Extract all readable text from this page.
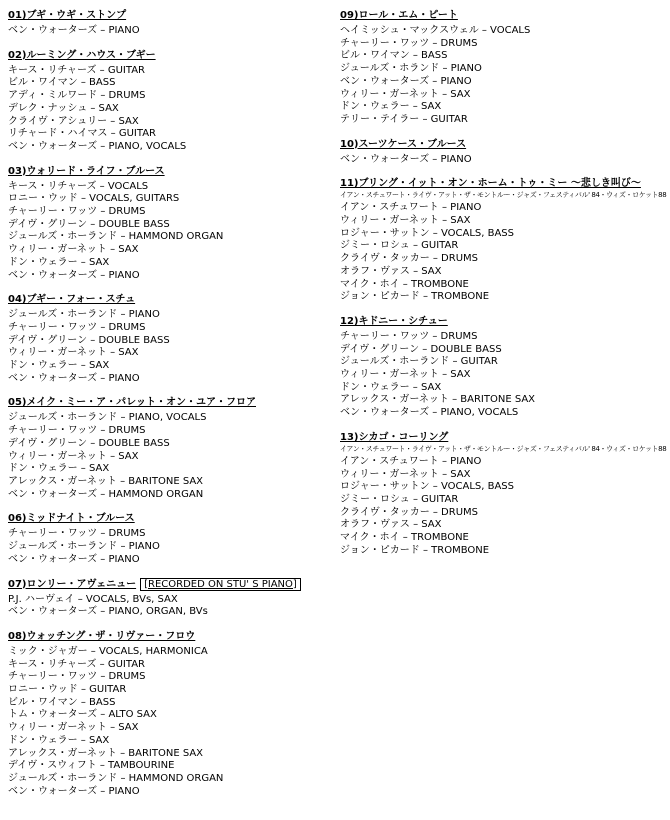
01)ブギ・ウギ・ストンプ
ベン・ウォーターズ – PIANO
02)ルーミング・ハウス・ブギー
キース・リチャーズ – GUITAR
ビル・ワイマン – BASS
アディ・ミルワード – DRUMS
デレク・ナッシュ – SAX
クライヴ・アシュリー – SAX
リチャード・ハイマス – GUITAR
ベン・ウォーターズ – PIANO, VOCALS
03)ウォリード・ライフ・ブルース
キース・リチャーズ – VOCALS
ロニー・ウッド – VOCALS, GUITARS
チャーリー・ワッツ – DRUMS
デイヴ・グリーン – DOUBLE BASS
ジュールズ・ホーランド – HAMMOND ORGAN
ウィリー・ガーネット – SAX
ドン・ウェラー – SAX
ベン・ウォーターズ – PIANO
04)ブギー・フォー・スチュ
ジュールズ・ホーランド – PIANO
チャーリー・ワッツ – DRUMS
デイヴ・グリーン – DOUBLE BASS
ウィリー・ガーネット – SAX
ドン・ウェラー – SAX
ベン・ウォーターズ – PIANO
05)メイク・ミー・ア・パレット・オン・ユア・フロア
ジュールズ・ホーランド – PIANO, VOCALS
チャーリー・ワッツ – DRUMS
デイヴ・グリーン – DOUBLE BASS
ウィリー・ガーネット – SAX
ドン・ウェラー – SAX
アレックス・ガーネット – BARITONE SAX
ベン・ウォーターズ – HAMMOND ORGAN
06)ミッドナイト・ブルース
チャーリー・ワッツ – DRUMS
ジュールズ・ホーランド – PIANO
ベン・ウォーターズ – PIANO
07)ロンリー・アヴェニュー [RECORDED ON STU' S PIANO]
P.J. ハーヴェイ – VOCALS, BVs, SAX
ベン・ウォーターズ – PIANO, ORGAN, BVs
08)ウォッチング・ザ・リヴァー・フロウ
ミック・ジャガー – VOCALS, HARMONICA
キース・リチャーズ – GUITAR
チャーリー・ワッツ – DRUMS
ロニー・ウッド – GUITAR
ビル・ワイマン – BASS
トム・ウォーターズ – ALTO SAX
ウィリー・ガーネット – SAX
ドン・ウェラー – SAX
アレックス・ガーネット – BARITONE SAX
デイヴ・スウィフト – TAMBOURINE
ジュールズ・ホーランド – HAMMOND ORGAN
ベン・ウォーターズ – PIANO
09)ロール・エム・ピート
ヘイミッシュ・マックスウェル – VOCALS
チャーリー・ワッツ – DRUMS
ビル・ワイマン – BASS
ジュールズ・ホランド – PIANO
ベン・ウォーターズ – PIANO
ウィリー・ガーネット – SAX
ドン・ウェラー – SAX
テリー・テイラー – GUITAR
10)スーツケース・ブルース
ベン・ウォーターズ – PIANO
11)ブリング・イット・オン・ホーム・トゥ・ミー ～悲しき叫び～
イアン・スチュワート・ライヴ・アット・ザ・モントルー・ジャズ・フェスティバル' 84・ウィズ・ロケット88
イアン・スチュワート – PIANO
ウィリー・ガーネット – SAX
ロジャー・サットン – VOCALS, BASS
ジミー・ロシュ – GUITAR
クライヴ・タッカー – DRUMS
オラフ・ヴァス – SAX
マイク・ホイ – TROMBONE
ジョン・ピカード – TROMBONE
12)キドニー・シチュー
チャーリー・ワッツ – DRUMS
デイヴ・グリーン – DOUBLE BASS
ジュールズ・ホーランド – GUITAR
ウィリー・ガーネット – SAX
ドン・ウェラー – SAX
アレックス・ガーネット – BARITONE SAX
ベン・ウォーターズ – PIANO, VOCALS
13)シカゴ・コーリング
イアン・スチュワート・ライヴ・アット・ザ・モントルー・ジャズ・フェスティバル' 84・ウィズ・ロケット88
イアン・スチュワート – PIANO
ウィリー・ガーネット – SAX
ロジャー・サットン – VOCALS, BASS
ジミー・ロシュ – GUITAR
クライヴ・タッカー – DRUMS
オラフ・ヴァス – SAX
マイク・ホイ – TROMBONE
ジョン・ピカード – TROMBONE
